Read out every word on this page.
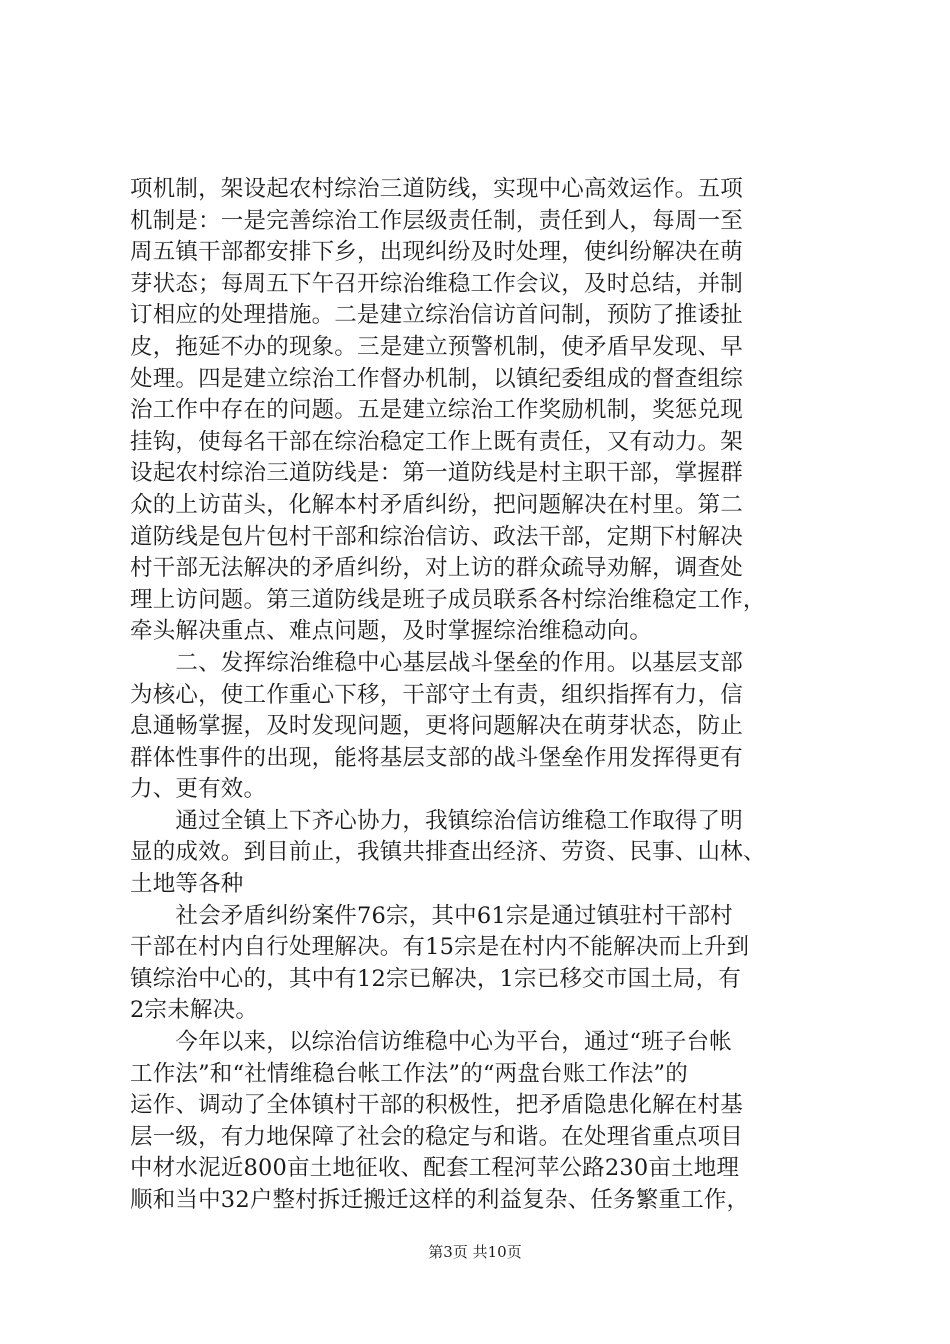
项机制，架设起农村综治三道防线，实现中心高效运作。五项

机制是：一是完善综治工作层级责任制，责任到人，每周一至

周五镇干部都安排下乡，出现纠纷及时处理，使纠纷解决在萌

芽状态；每周五下午召开综治维稳工作会议，及时总结，并制

订相应的处理措施。二是建立综治信访首问制，预防了推诿扯

皮，拖延不办的现象。三是建立预警机制，使矛盾早发现、早

处理。四是建立综治工作督办机制，以镇纪委组成的督查组综

治工作中存在的问题。五是建立综治工作奖励机制，奖惩兑现

挂钩，使每名干部在综治稳定工作上既有责任，又有动力。架

设起农村综治三道防线是：第一道防线是村主职干部，掌握群

众的上访苗头，化解本村矛盾纠纷，把问题解决在村里。第二

道防线是包片包村干部和综治信访、政法干部，定期下村解决

村干部无法解决的矛盾纠纷，对上访的群众疏导劝解，调查处

理上访问题。第三道防线是班子成员联系各村综治维稳定工作，

牵头解决重点、难点问题，及时掌握综治维稳动向。

　　二、发挥综治维稳中心基层战斗堡垒的作用。以基层支部

为核心，使工作重心下移，干部守土有责，组织指挥有力，信

息通畅掌握，及时发现问题，更将问题解决在萌芽状态，防止

群体性事件的出现，能将基层支部的战斗堡垒作用发挥得更有

力、更有效。

　　通过全镇上下齐心协力，我镇综治信访维稳工作取得了明

显的成效。到目前止，我镇共排查出经济、劳资、民事、山林、

土地等各种

　　社会矛盾纠纷案件76宗，其中61宗是通过镇驻村干部村

干部在村内自行处理解决。有15宗是在村内不能解决而上升到

镇综治中心的，其中有12宗已解决，1宗已移交市国土局，有

2宗未解决。

　　今年以来，以综治信访维稳中心为平台，通过“班子台帐

工作法”和“社情维稳台帐工作法”的“两盘台账工作法”的

运作、调动了全体镇村干部的积极性，把矛盾隐患化解在村基

层一级，有力地保障了社会的稳定与和谐。在处理省重点项目

中材水泥近800亩土地征收、配套工程河苹公路230亩土地理

顺和当中32户整村拆迁搬迁这样的利益复杂、任务繁重工作，

第3页 共10页
